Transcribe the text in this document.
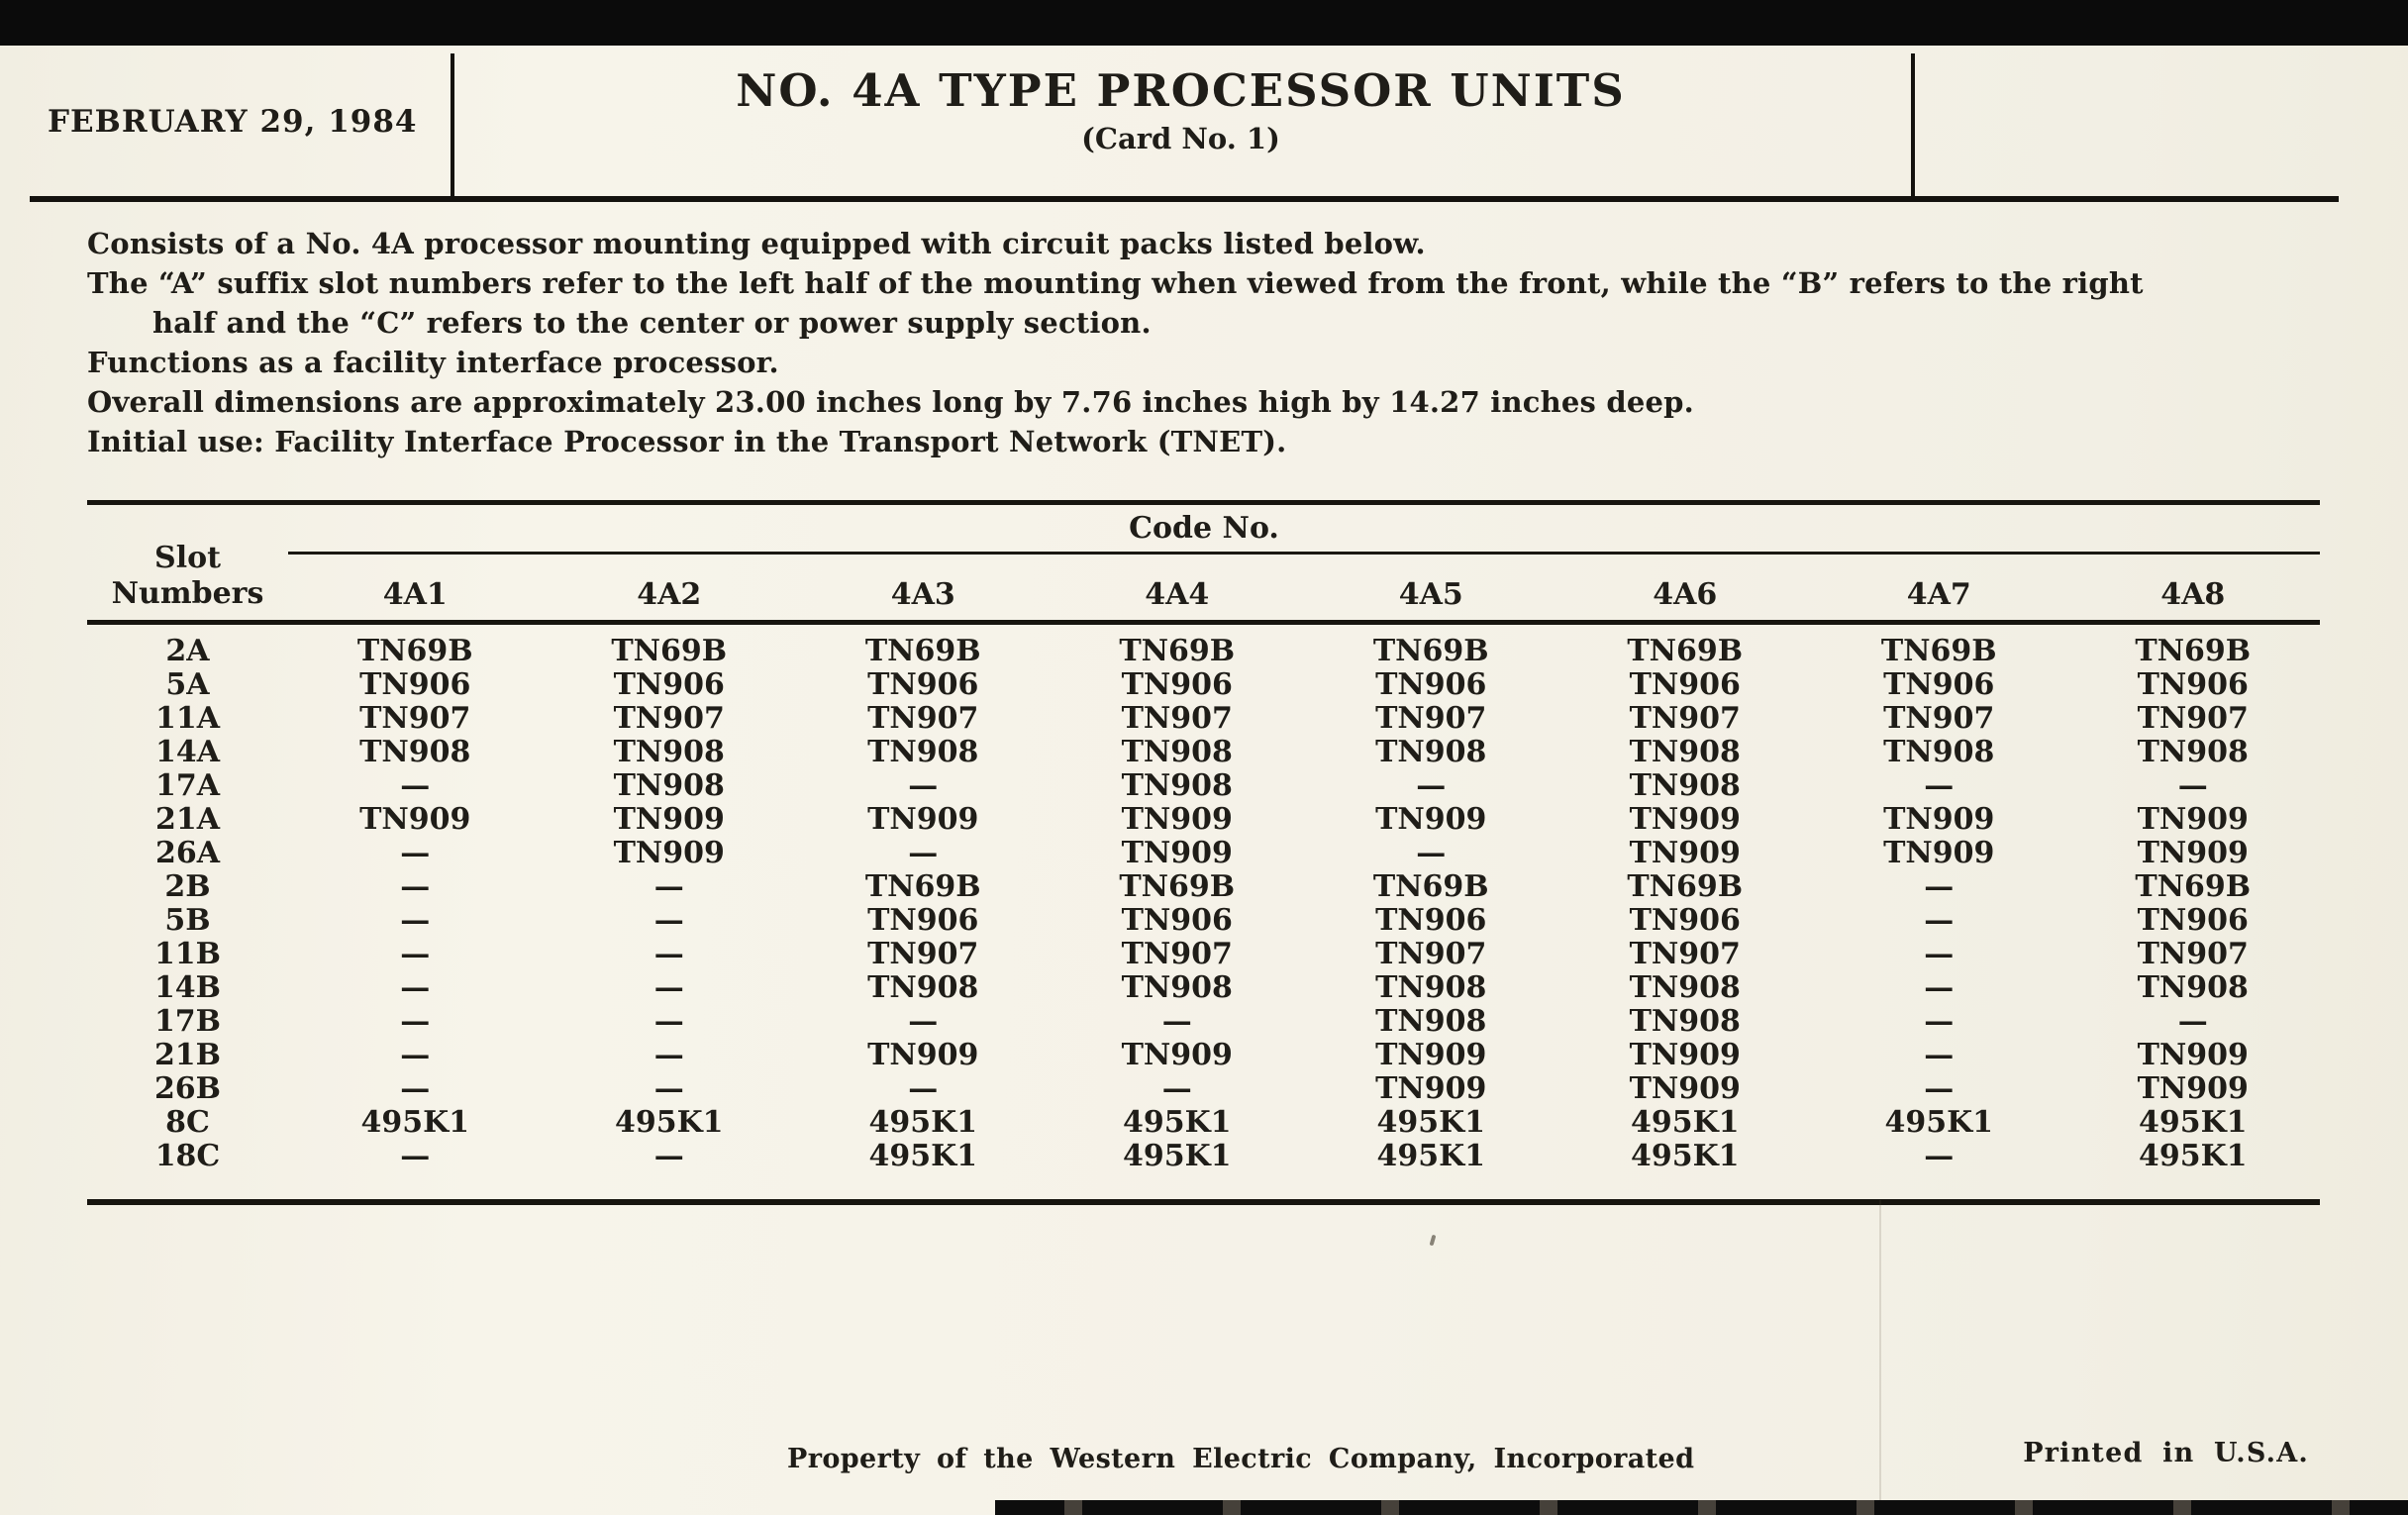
FEBRUARY 29, 1984
NO. 4A TYPE PROCESSOR UNITS
(Card No. 1)
Consists of a No. 4A processor mounting equipped with circuit packs listed below.
The “A” suffix slot numbers refer to the left half of the mounting when viewed from the front, while the “B” refers to the right
half and the “C” refers to the center or power supply section.
Functions as a facility interface processor.
Overall dimensions are approximately 23.00 inches long by 7.76 inches high by 14.27 inches deep.
Initial use: Facility Interface Processor in the Transport Network (TNET).
Slot
Numbers	Code No.							
	4A1	4A2	4A3	4A4	4A5	4A6	4A7	4A8
2A	TN69B	TN69B	TN69B	TN69B	TN69B	TN69B	TN69B	TN69B
5A	TN906	TN906	TN906	TN906	TN906	TN906	TN906	TN906
11A	TN907	TN907	TN907	TN907	TN907	TN907	TN907	TN907
14A	TN908	TN908	TN908	TN908	TN908	TN908	TN908	TN908
17A	—	TN908	—	TN908	—	TN908	—	—
21A	TN909	TN909	TN909	TN909	TN909	TN909	TN909	TN909
26A	—	TN909	—	TN909	—	TN909	TN909	TN909
2B	—	—	TN69B	TN69B	TN69B	TN69B	—	TN69B
5B	—	—	TN906	TN906	TN906	TN906	—	TN906
11B	—	—	TN907	TN907	TN907	TN907	—	TN907
14B	—	—	TN908	TN908	TN908	TN908	—	TN908
17B	—	—	—	—	TN908	TN908	—	—
21B	—	—	TN909	TN909	TN909	TN909	—	TN909
26B	—	—	—	—	TN909	TN909	—	TN909
8C	495K1	495K1	495K1	495K1	495K1	495K1	495K1	495K1
18C	—	—	495K1	495K1	495K1	495K1	—	495K1
Property of the Western Electric Company, Incorporated	Printed in U.S.A.
